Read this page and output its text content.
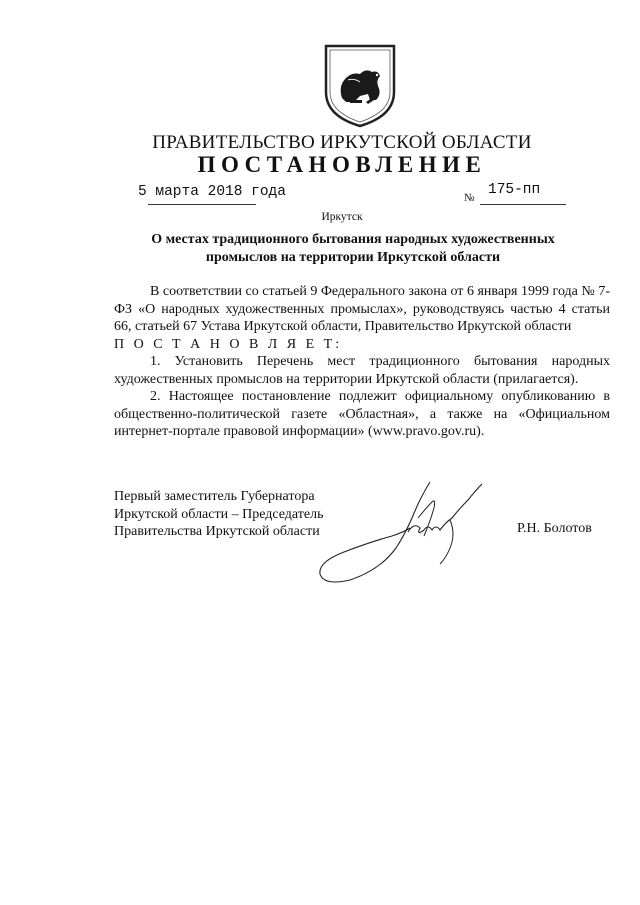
ПРАВИТЕЛЬСТВО ИРКУТСКОЙ ОБЛАСТИ
ПОСТАНОВЛЕНИЕ
5 марта 2018 года	№ 175-пп
Иркутск
О местах традиционного бытования народных художественных
промыслов на территории Иркутской области
В соответствии со статьей 9 Федерального закона от 6 января 1999 года № 7-ФЗ «О народных художественных промыслах», руководствуясь частью 4 статьи 66, статьей 67 Устава Иркутской области, Правительство Иркутской области
П О С Т А Н О В Л Я Е Т:
1. Установить Перечень мест традиционного бытования народных художественных промыслов на территории Иркутской области (прилагается).
2. Настоящее постановление подлежит официальному опубликованию в общественно-политической газете «Областная», а также на «Официальном интернет-портале правовой информации» (www.pravo.gov.ru).
Первый заместитель Губернатора
Иркутской области – Председатель
Правительства Иркутской области	Р.Н. Болотов
